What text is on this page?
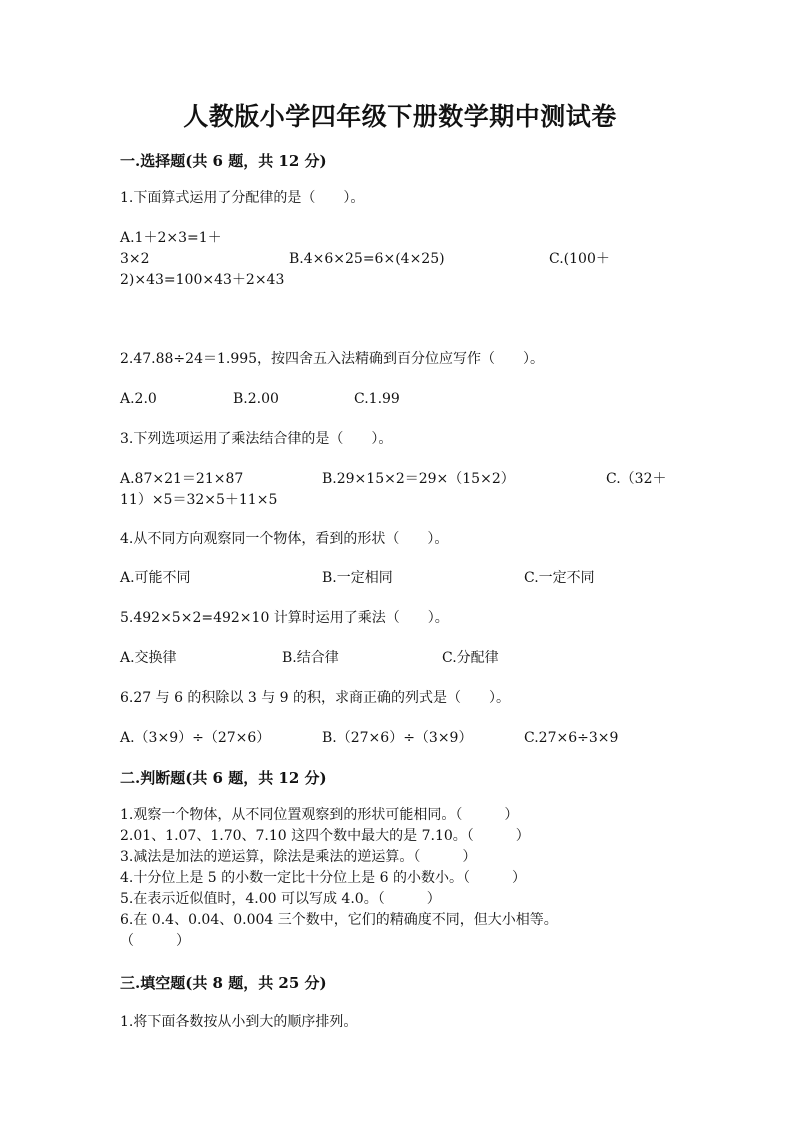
人教版小学四年级下册数学期中测试卷
一.选择题(共 6 题，共 12 分)
1.下面算式运用了分配律的是（　　）。
A.1＋2×3=1＋
3×2	B.4×6×25=6×(4×25)	C.(100＋
2)×43=100×43＋2×43
2.47.88÷24＝1.995，按四舍五入法精确到百分位应写作（　　）。
A.2.0	B.2.00	C.1.99
3.下列选项运用了乘法结合律的是（　　）。
A.87×21＝21×87	B.29×15×2＝29×（15×2）	C.（32＋
11）×5＝32×5＋11×5
4.从不同方向观察同一个物体，看到的形状（　　）。
A.可能不同	B.一定相同	C.一定不同
5.492×5×2=492×10 计算时运用了乘法（　　）。
A.交换律	B.结合律	C.分配律
6.27 与 6 的积除以 3 与 9 的积，求商正确的列式是（　　）。
A.（3×9）÷（27×6）	B.（27×6）÷（3×9）	C.27×6÷3×9
二.判断题(共 6 题，共 12 分)
1.观察一个物体，从不同位置观察到的形状可能相同。（　　　）
2.01、1.07、1.70、7.10 这四个数中最大的是 7.10。（　　　）
3.减法是加法的逆运算，除法是乘法的逆运算。（　　　）
4.十分位上是 5 的小数一定比十分位上是 6 的小数小。（　　　）
5.在表示近似值时，4.00 可以写成 4.0。（　　　）
6.在 0.4、0.04、0.004 三个数中，它们的精确度不同，但大小相等。
（　　　）
三.填空题(共 8 题，共 25 分)
1.将下面各数按从小到大的顺序排列。
